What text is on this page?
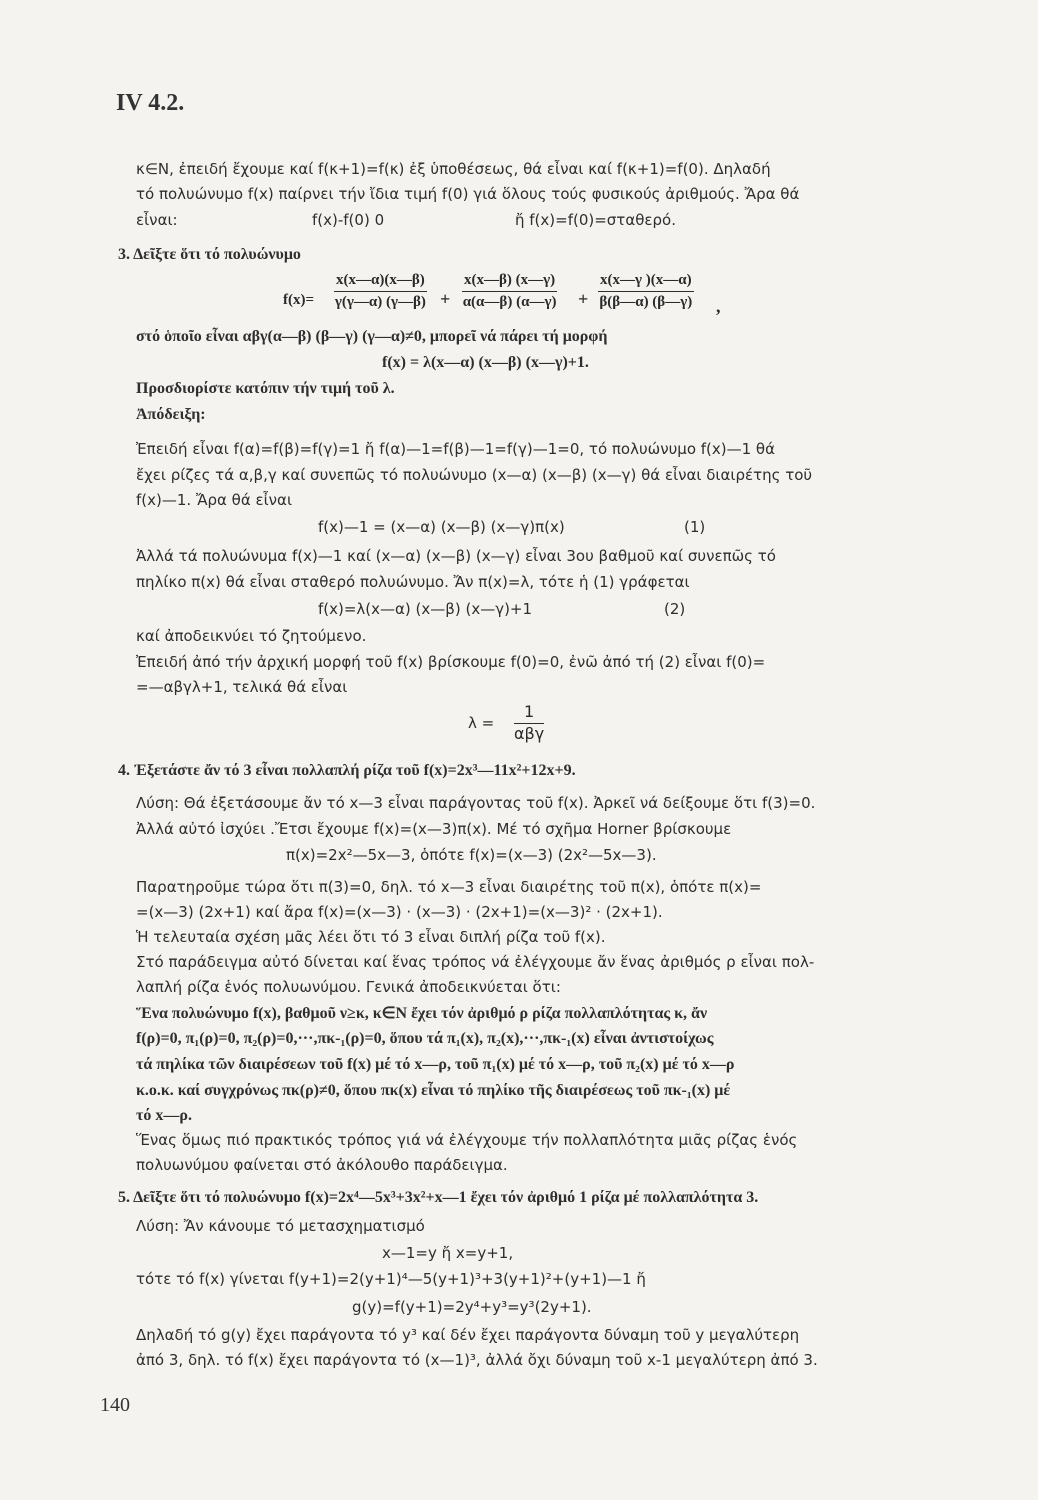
IV 4.2.
κ∈N, ἐπειδή ἔχουμε καί f(κ+1)=f(κ) ἐξ ὑποθέσεως, θά εἶναι καί f(κ+1)=f(0). Δηλαδή
τό πολυώνυμο f(x) παίρνει τήν ἴδια τιμή f(0) γιά ὅλους τούς φυσικούς ἀριθμούς. Ἄρα θά
εἶναι:	f(x)-f(0) 0	ἤ f(x)=f(0)=σταθερό.
3. Δεῖξτε ὅτι τό πολυώνυμο
$f(x)= \frac{x(x—\alpha)(x—\beta)}{\gamma(\gamma—\alpha) (\gamma—\beta)} + \frac{x(x—\beta) (x—\gamma)}{\alpha(\alpha—\beta) (\alpha—\gamma)} + \frac{x(x—\gamma )(x—\alpha)}{\beta(\beta—\alpha) (\beta—\gamma)}$ ,
στό ὁποῖο εἶναι αβγ(α—β) (β—γ) (γ—α)≠0, μπορεῖ νά πάρει τή μορφή
f(x) = λ(x—α) (x—β) (x—γ)+1.
Προσδιορίστε κατόπιν τήν τιμή τοῦ λ.
Ἀπόδειξη:
Ἐπειδή εἶναι f(α)=f(β)=f(γ)=1 ἤ f(α)—1=f(β)—1=f(γ)—1=0, τό πολυώνυμο f(x)—1 θά
ἔχει ρίζες τά α,β,γ καί συνεπῶς τό πολυώνυμο (x—α) (x—β) (x—γ) θά εἶναι διαιρέτης τοῦ
f(x)—1. Ἄρα θά εἶναι
f(x)—1 = (x—α) (x—β) (x—γ)π(x)	(1)
Ἀλλά τά πολυώνυμα f(x)—1 καί (x—α) (x—β) (x—γ) εἶναι 3ου βαθμοῦ καί συνεπῶς τό
πηλίκο π(x) θά εἶναι σταθερό πολυώνυμο. Ἄν π(x)=λ, τότε ἡ (1) γράφεται
f(x)=λ(x—α) (x—β) (x—γ)+1	(2)
καί ἀποδεικνύει τό ζητούμενο.
Ἐπειδή ἀπό τήν ἀρχική μορφή τοῦ f(x) βρίσκουμε f(0)=0, ἐνῶ ἀπό τή (2) εἶναι f(0)=
=—αβγλ+1, τελικά θά εἶναι
λ =
1
αβγ
4. Ἐξετάστε ἄν τό 3 εἶναι πολλαπλή ρίζα τοῦ f(x)=2x³—11x²+12x+9.
Λύση: Θά ἐξετάσουμε ἄν τό x—3 εἶναι παράγοντας τοῦ f(x). Ἀρκεῖ νά δείξουμε ὅτι f(3)=0.
Ἀλλά αὐτό ἰσχύει .Ἔτσι ἔχουμε f(x)=(x—3)π(x). Μέ τό σχῆμα Horner βρίσκουμε
π(x)=2x²—5x—3, ὁπότε f(x)=(x—3) (2x²—5x—3).
Παρατηροῦμε τώρα ὅτι π(3)=0, δηλ. τό x—3 εἶναι διαιρέτης τοῦ π(x), ὁπότε π(x)=
=(x—3) (2x+1) καί ἄρα f(x)=(x—3) · (x—3) · (2x+1)=(x—3)² · (2x+1).
Ἡ τελευταία σχέση μᾶς λέει ὅτι τό 3 εἶναι διπλή ρίζα τοῦ f(x).
Στό παράδειγμα αὐτό δίνεται καί ἕνας τρόπος νά ἐλέγχουμε ἄν ἕνας ἀριθμός ρ εἶναι πολ-
λαπλή ρίζα ἑνός πολυωνύμου. Γενικά ἀποδεικνύεται ὅτι:
Ἕνα πολυώνυμο f(x), βαθμοῦ ν≥κ, κ∈N ἔχει τόν ἀριθμό ρ ρίζα πολλαπλότητας κ, ἄν
f(ρ)=0, π₁(ρ)=0, π₂(ρ)=0,···,πκ-₁(ρ)=0, ὅπου τά π₁(x), π₂(x),···,πκ-₁(x) εἶναι ἀντιστοίχως
τά πηλίκα τῶν διαιρέσεων τοῦ f(x) μέ τό x—ρ, τοῦ π₁(x) μέ τό x—ρ, τοῦ π₂(x) μέ τό x—ρ
κ.ο.κ. καί συγχρόνως πκ(ρ)≠0, ὅπου πκ(x) εἶναι τό πηλίκο τῆς διαιρέσεως τοῦ πκ-₁(x) μέ
τό x—ρ.
Ἕνας ὅμως πιό πρακτικός τρόπος γιά νά ἐλέγχουμε τήν πολλαπλότητα μιᾶς ρίζας ἑνός
πολυωνύμου φαίνεται στό ἀκόλουθο παράδειγμα.
5. Δεῖξτε ὅτι τό πολυώνυμο f(x)=2x⁴—5x³+3x²+x—1 ἔχει τόν ἀριθμό 1 ρίζα μέ πολλαπλότητα 3.
Λύση: Ἄν κάνουμε τό μετασχηματισμό
x—1=y ἤ x=y+1,
τότε τό f(x) γίνεται f(y+1)=2(y+1)⁴—5(y+1)³+3(y+1)²+(y+1)—1 ἤ
g(y)=f(y+1)=2y⁴+y³=y³(2y+1).
Δηλαδή τό g(y) ἔχει παράγοντα τό y³ καί δέν ἔχει παράγοντα δύναμη τοῦ y μεγαλύτερη
ἀπό 3, δηλ. τό f(x) ἔχει παράγοντα τό (x—1)³, ἀλλά ὄχι δύναμη τοῦ x-1 μεγαλύτερη ἀπό 3.
140
